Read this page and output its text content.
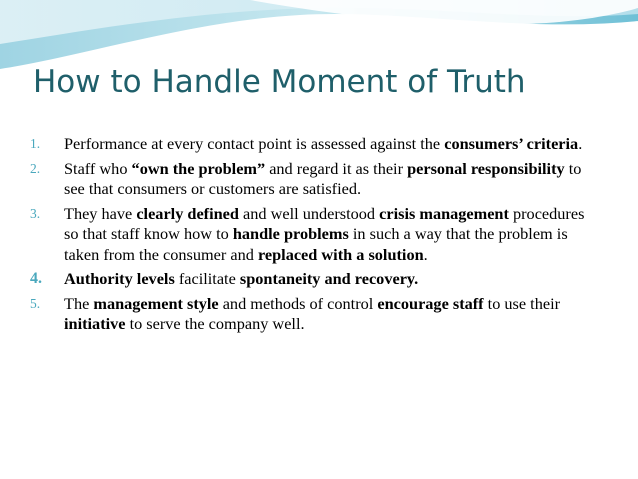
How to Handle Moment of Truth
1.	Performance at every contact point is assessed against the consumers’ criteria.
2.	Staff who “own the problem” and regard it as their personal responsibility to see that consumers or customers are satisfied.
3.	They have clearly defined and well understood crisis management procedures so that staff know how to handle problems in such a way that the problem is taken from the consumer and replaced with a solution.
4.	Authority levels facilitate spontaneity and recovery.
5.	The management style and methods of control encourage staff to use their initiative to serve the company well.
